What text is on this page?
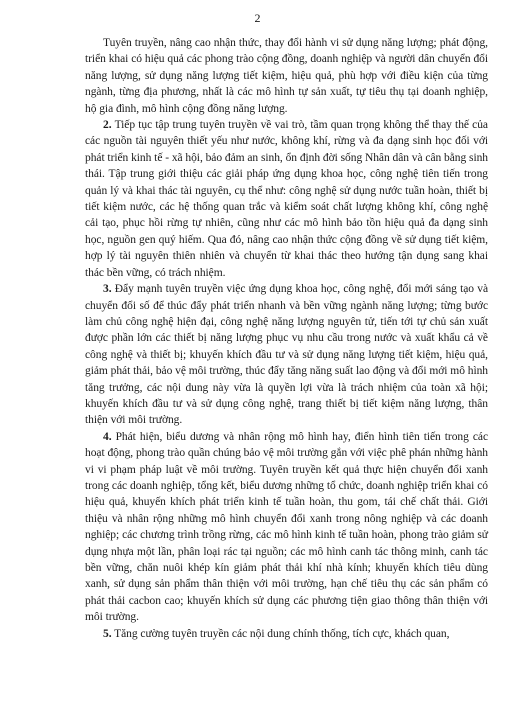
2

Tuyên truyền, nâng cao nhận thức, thay đổi hành vi sử dụng năng lượng; phát động, triển khai có hiệu quả các phong trào cộng đồng, doanh nghiệp và người dân chuyển đổi năng lượng, sử dụng năng lượng tiết kiệm, hiệu quả, phù hợp với điều kiện của từng ngành, từng địa phương, nhất là các mô hình tự sản xuất, tự tiêu thụ tại doanh nghiệp, hộ gia đình, mô hình cộng đồng năng lượng.

2. Tiếp tục tập trung tuyên truyền về vai trò, tầm quan trọng không thể thay thế của các nguồn tài nguyên thiết yếu như nước, không khí, rừng và đa dạng sinh học đối với phát triển kinh tế - xã hội, bảo đảm an sinh, ổn định đời sống Nhân dân và cân bằng sinh thái. Tập trung giới thiệu các giải pháp ứng dụng khoa học, công nghệ tiên tiến trong quản lý và khai thác tài nguyên, cụ thể như: công nghệ sử dụng nước tuần hoàn, thiết bị tiết kiệm nước, các hệ thống quan trắc và kiểm soát chất lượng không khí, công nghệ cải tạo, phục hồi rừng tự nhiên, cũng như các mô hình bảo tồn hiệu quả đa dạng sinh học, nguồn gen quý hiếm. Qua đó, nâng cao nhận thức cộng đồng về sử dụng tiết kiệm, hợp lý tài nguyên thiên nhiên và chuyển từ khai thác theo hướng tận dụng sang khai thác bền vững, có trách nhiệm.

3. Đẩy mạnh tuyên truyền việc ứng dụng khoa học, công nghệ, đổi mới sáng tạo và chuyển đổi số để thúc đẩy phát triển nhanh và bền vững ngành năng lượng; từng bước làm chủ công nghệ hiện đại, công nghệ năng lượng nguyên tử, tiến tới tự chủ sản xuất được phần lớn các thiết bị năng lượng phục vụ nhu cầu trong nước và xuất khẩu cả về công nghệ và thiết bị; khuyến khích đầu tư và sử dụng năng lượng tiết kiệm, hiệu quả, giảm phát thải, bảo vệ môi trường, thúc đẩy tăng năng suất lao động và đổi mới mô hình tăng trưởng, các nội dung này vừa là quyền lợi vừa là trách nhiệm của toàn xã hội; khuyến khích đầu tư và sử dụng công nghệ, trang thiết bị tiết kiệm năng lượng, thân thiện với môi trường.

4. Phát hiện, biểu dương và nhân rộng mô hình hay, điển hình tiên tiến trong các hoạt động, phong trào quần chúng bảo vệ môi trường gắn với việc phê phán những hành vi vi phạm pháp luật về môi trường. Tuyên truyền kết quả thực hiện chuyển đổi xanh trong các doanh nghiệp, tổng kết, biểu dương những tổ chức, doanh nghiệp triển khai có hiệu quả, khuyến khích phát triển kinh tế tuần hoàn, thu gom, tái chế chất thải. Giới thiệu và nhân rộng những mô hình chuyển đổi xanh trong nông nghiệp và các doanh nghiệp; các chương trình trồng rừng, các mô hình kinh tế tuần hoàn, phong trào giảm sử dụng nhựa một lần, phân loại rác tại nguồn; các mô hình canh tác thông minh, canh tác bền vững, chăn nuôi khép kín giảm phát thải khí nhà kính; khuyến khích tiêu dùng xanh, sử dụng sản phẩm thân thiện với môi trường, hạn chế tiêu thụ các sản phẩm có phát thải cacbon cao; khuyến khích sử dụng các phương tiện giao thông thân thiện với môi trường.

5. Tăng cường tuyên truyền các nội dung chính thống, tích cực, khách quan,
